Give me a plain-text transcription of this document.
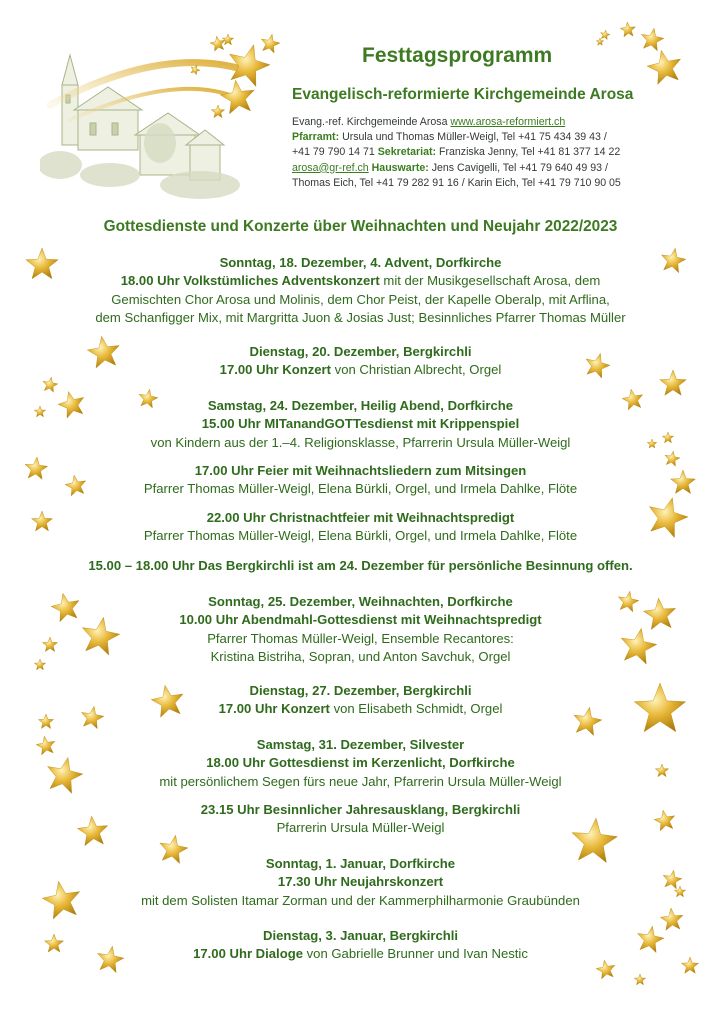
Festtagsprogramm
Evangelisch-reformierte Kirchgemeinde Arosa
Evang.-ref. Kirchgemeinde Arosa www.arosa-reformiert.ch
Pfarramt: Ursula und Thomas Müller-Weigl, Tel +41 75 434 39 43 /
+41 79 790 14 71 Sekretariat: Franziska Jenny, Tel +41 81 377 14 22
arosa@gr-ref.ch Hauswarte: Jens Cavigelli, Tel +41 79 640 49 93 /
Thomas Eich, Tel +41 79 282 91 16 / Karin Eich, Tel +41 79 710 90 05
Gottesdienste und Konzerte über Weihnachten und Neujahr 2022/2023
Sonntag, 18. Dezember, 4. Advent, Dorfkirche
18.00 Uhr Volkstümliches Adventskonzert mit der Musikgesellschaft Arosa, dem
Gemischten Chor Arosa und Molinis, dem Chor Peist, der Kapelle Oberalp, mit Arflina,
dem Schanfigger Mix, mit Margritta Juon & Josias Just; Besinnliches Pfarrer Thomas Müller
Dienstag, 20. Dezember, Bergkirchli
17.00 Uhr Konzert von Christian Albrecht, Orgel
Samstag, 24. Dezember, Heilig Abend, Dorfkirche
15.00 Uhr MITanandGOTTesdienst mit Krippenspiel
von Kindern aus der 1.–4. Religionsklasse, Pfarrerin Ursula Müller-Weigl
17.00 Uhr Feier mit Weihnachtsliedern zum Mitsingen
Pfarrer Thomas Müller-Weigl, Elena Bürkli, Orgel, und Irmela Dahlke, Flöte
22.00 Uhr Christnachtfeier mit Weihnachtspredigt
Pfarrer Thomas Müller-Weigl, Elena Bürkli, Orgel, und Irmela Dahlke, Flöte
15.00 – 18.00 Uhr Das Bergkirchli ist am 24. Dezember für persönliche Besinnung offen.
Sonntag, 25. Dezember, Weihnachten, Dorfkirche
10.00 Uhr Abendmahl-Gottesdienst mit Weihnachtspredigt
Pfarrer Thomas Müller-Weigl, Ensemble Recantores:
Kristina Bistriha, Sopran, und Anton Savchuk, Orgel
Dienstag, 27. Dezember, Bergkirchli
17.00 Uhr Konzert von Elisabeth Schmidt, Orgel
Samstag, 31. Dezember, Silvester
18.00 Uhr Gottesdienst im Kerzenlicht, Dorfkirche
mit persönlichem Segen fürs neue Jahr, Pfarrerin Ursula Müller-Weigl
23.15 Uhr Besinnlicher Jahresausklang, Bergkirchli
Pfarrerin Ursula Müller-Weigl
Sonntag, 1. Januar, Dorfkirche
17.30 Uhr Neujahrskonzert
mit dem Solisten Itamar Zorman und der Kammerphilharmonie Graubünden
Dienstag, 3. Januar, Bergkirchli
17.00 Uhr Dialoge von Gabrielle Brunner und Ivan Nestic
